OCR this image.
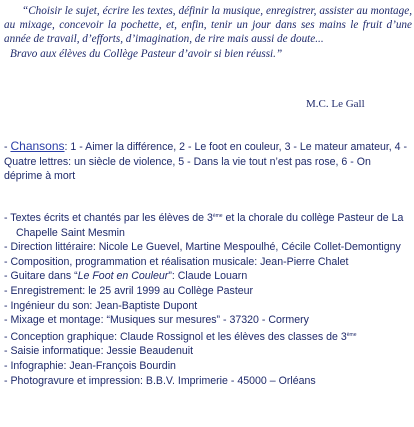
“Choisir le sujet, écrire les textes, définir la musique, enregistrer, assister au montage, au mixage, concevoir la pochette, et, enfin, tenir un jour dans ses mains le fruit d’une année de travail, d’efforts, d’imagination, de rire mais aussi de doute...

Bravo aux élèves du Collège Pasteur d’avoir si bien réussi.”

M.C. Le Gall
- Chansons: 1 - Aimer la différence, 2 - Le foot en couleur, 3 - Le mateur amateur, 4 - Quatre lettres: un siècle de violence, 5 - Dans la vie tout n’est pas rose, 6 - On déprime à mort
- Textes écrits et chantés par les élèves de 3ème et la chorale du collège Pasteur de La Chapelle Saint Mesmin
- Direction littéraire: Nicole Le Guevel, Martine Mespoulhé, Cécile Collet-Demontigny
- Composition, programmation et réalisation musicale: Jean-Pierre Chalet
- Guitare dans “Le Foot en Couleur”: Claude Louarn
- Enregistrement: le 25 avril 1999 au Collège Pasteur
- Ingénieur du son: Jean-Baptiste Dupont
- Mixage et montage: “Musiques sur mesures” - 37320 - Cormery
- Conception graphique: Claude Rossignol et les élèves des classes de 3ème
- Saisie informatique: Jessie Beaudenuit
- Infographie: Jean-François Bourdin
- Photogravure et impression: B.B.V. Imprimerie - 45000 – Orléans
